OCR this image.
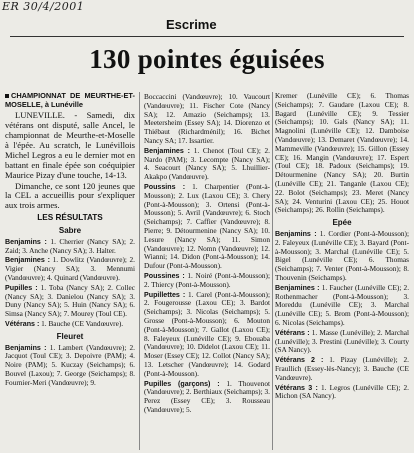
ER 30/4/2001
Escrime
130 pointes éguisées
CHAMPIONNAT DE MEURTHE-ET-MOSELLE, à Lunéville

LUNEVILLE. - Samedi, dix vétérans ont disputé, salle Ancel, le championnat de Meurthe-et-Moselle à l'épée. Au scratch, le Lunévillois Michel Legros a eu le dernier mot en battant en finale épée son coéquipier Maurice Pizay d'une touche, 14-13.

Dimanche, ce sont 120 jeunes que la CEL a accueillis pour s'expliquer aux trois armes.

LES RÉSULTATS
Sabre

Benjamins : 1. Cherrier (Nancy SA); 2. Zaid; 3. Anche (Nancy SA); 3. Halter.

Benjamines : 1. Dowlitz (Vandœuvre); 2. Vigier (Nancy SA); 3. Mennumi (Vandœuvre); 4. Quinard (Vandœuvre).

Pupilles : 1. Toba (Nancy SA); 2. Collec (Nancy SA); 3. Danielou (Nancy SA); 3. Duny (Nancy SA); 5. Huin (Nancy SA); 6. Simsa (Nancy SA); 7. Mourey (Toul CE).

Vétérans : 1. Bauche (CE Vandœuvre).

Fleuret

Benjamins : 1. Lambert (Vandœuvre); 2. Jacquot (Toul CE); 3. Depoivre (PAM); 4. Noire (PAM); 5. Kuczay (Seichamps); 6. Bouvel (Laxou); 7. George (Seichamps); 8. Fournier-Meri (Vandœuvre); 9.

Boccaccini (Vandœuvre); 10. Vaucourt (Vandœuvre); 11. Fischer Cote (Nancy SA); 12. Amazio (Seichamps); 13. Meetersheim (Essey SA); 14. Diorenzo et Thiébaut (Richardménil); 16. Bichet Nancy SA; 17. Issartier.

Benjamines : 1. Chenot (Toul CE); 2. Nardo (PAM); 3. Lecompte (Nancy SA); 4. Seacourt (Nancy SA); 5. Lhuillier-Akakpo (Vandœuvre).

Poussins : 1. Charpentier (Pont-à-Mousson); 2. Lux (Laxou CE); 3. Chery (Pont-à-Mousson); 3. Ortensi (Pont-à-Mousson); 5. Avril (Vandœuvre); 6. Stoch (Seichamps); 7. Caffier (Vandœuvre); 8. Pierre; 9. Détourmenine (Nancy SA); 10. Lesure (Nancy SA); 11. Simon (Vandœuvre); 12. Nomn (Vandœuvre); 12. Wianni; 14. Didon (Pont-à-Mousson); 14. Dufour (Pont-à-Mousson).

Poussines : 1. Noiré (Pont-à-Mousson); 2. Thiercy (Pont-à-Mousson).

Pupillettes : 1. Carel (Pont-à-Mousson); 2. Fougerousse (Laxou CE); 3. Bardot (Seichamps); 3. Nicolas (Seichamps); 5. Grosse (Pont-à-Mousson); 6. Mouton (Pont-à-Mousson); 7. Gallot (Laxou CE); 8. Faleyeux (Lunéville CE); 9. Ebouaba (Vandœuvre); 10. Didelot (Laxou CE); 11. Moser (Essey CE); 12. Collot (Nancy SA); 13. Letscher (Vandœuvre); 14. Godard (Pont-à-Mousson).

Pupilles (garçons) : 1. Thouvenot (Vandœuvre); 2. Berthiaux (Seichamps); 3. Perez (Essey CE); 3. Rousseau (Vandœuvre); 5.

Kremer (Lunéville CE); 6. Thomas (Seichamps); 7. Gaudare (Laxou CE); 8. Bagard (Lunéville CE); 9. Tessier (Seichamps); 10. Gals (Nancy SA); 11. Magnolini (Lunéville CE); 12. Damboise (Vandœuvre); 13. Demaret (Vandœuvre); 14. Mammeville (Vandœuvre); 15. Gillon (Essey CE); 16. Mangin (Vandœuvre); 17. Espert (Toul CE); 18. Padoux (Seichamps); 19. Détourmenine (Nancy SA); 20. Burtin (Lunéville CE); 21. Tanganle (Laxou CE); 22. Bolot (Seichamps); 23. Meret (Nancy SA); 24. Venturini (Laxou CE); 25. Houot (Seichamps); 26. Rollin (Seichamps).

Epée

Benjamins : 1. Cordier (Pont-à-Mousson); 2. Faleyeux (Lunéville CE); 3. Bayard (Pont-à-Mousson); 3. Marchal (Lunéville CE); 5. Bigel (Lunéville CE); 6. Thomas (Seichamps); 7. Venter (Pont-à-Mousson); 8. Thouvenin (Seichamps).

Benjamines : 1. Faucher (Lunéville CE); 2. Rothenmacher (Pont-à-Mousson); 3. Moreddu (Lunéville CE); 3. Marchal (Lunéville CE); 5. Brom (Pont-à-Mousson); 6. Nicolas (Seichamps).

Vétérans : 1. Masse (Lunéville); 2. Marchal (Lunéville); 3. Prestini (Lunéville); 3. Courty (SA Nancy).

Vétérans 2 : 1. Pizay (Lunéville); 2. Fraullich (Essey-lès-Nancy); 3. Bauche (CE Vandœuvre).

Vétérans 3 : 1. Legros (Lunéville CE); 2. Michon (SA Nancy).
